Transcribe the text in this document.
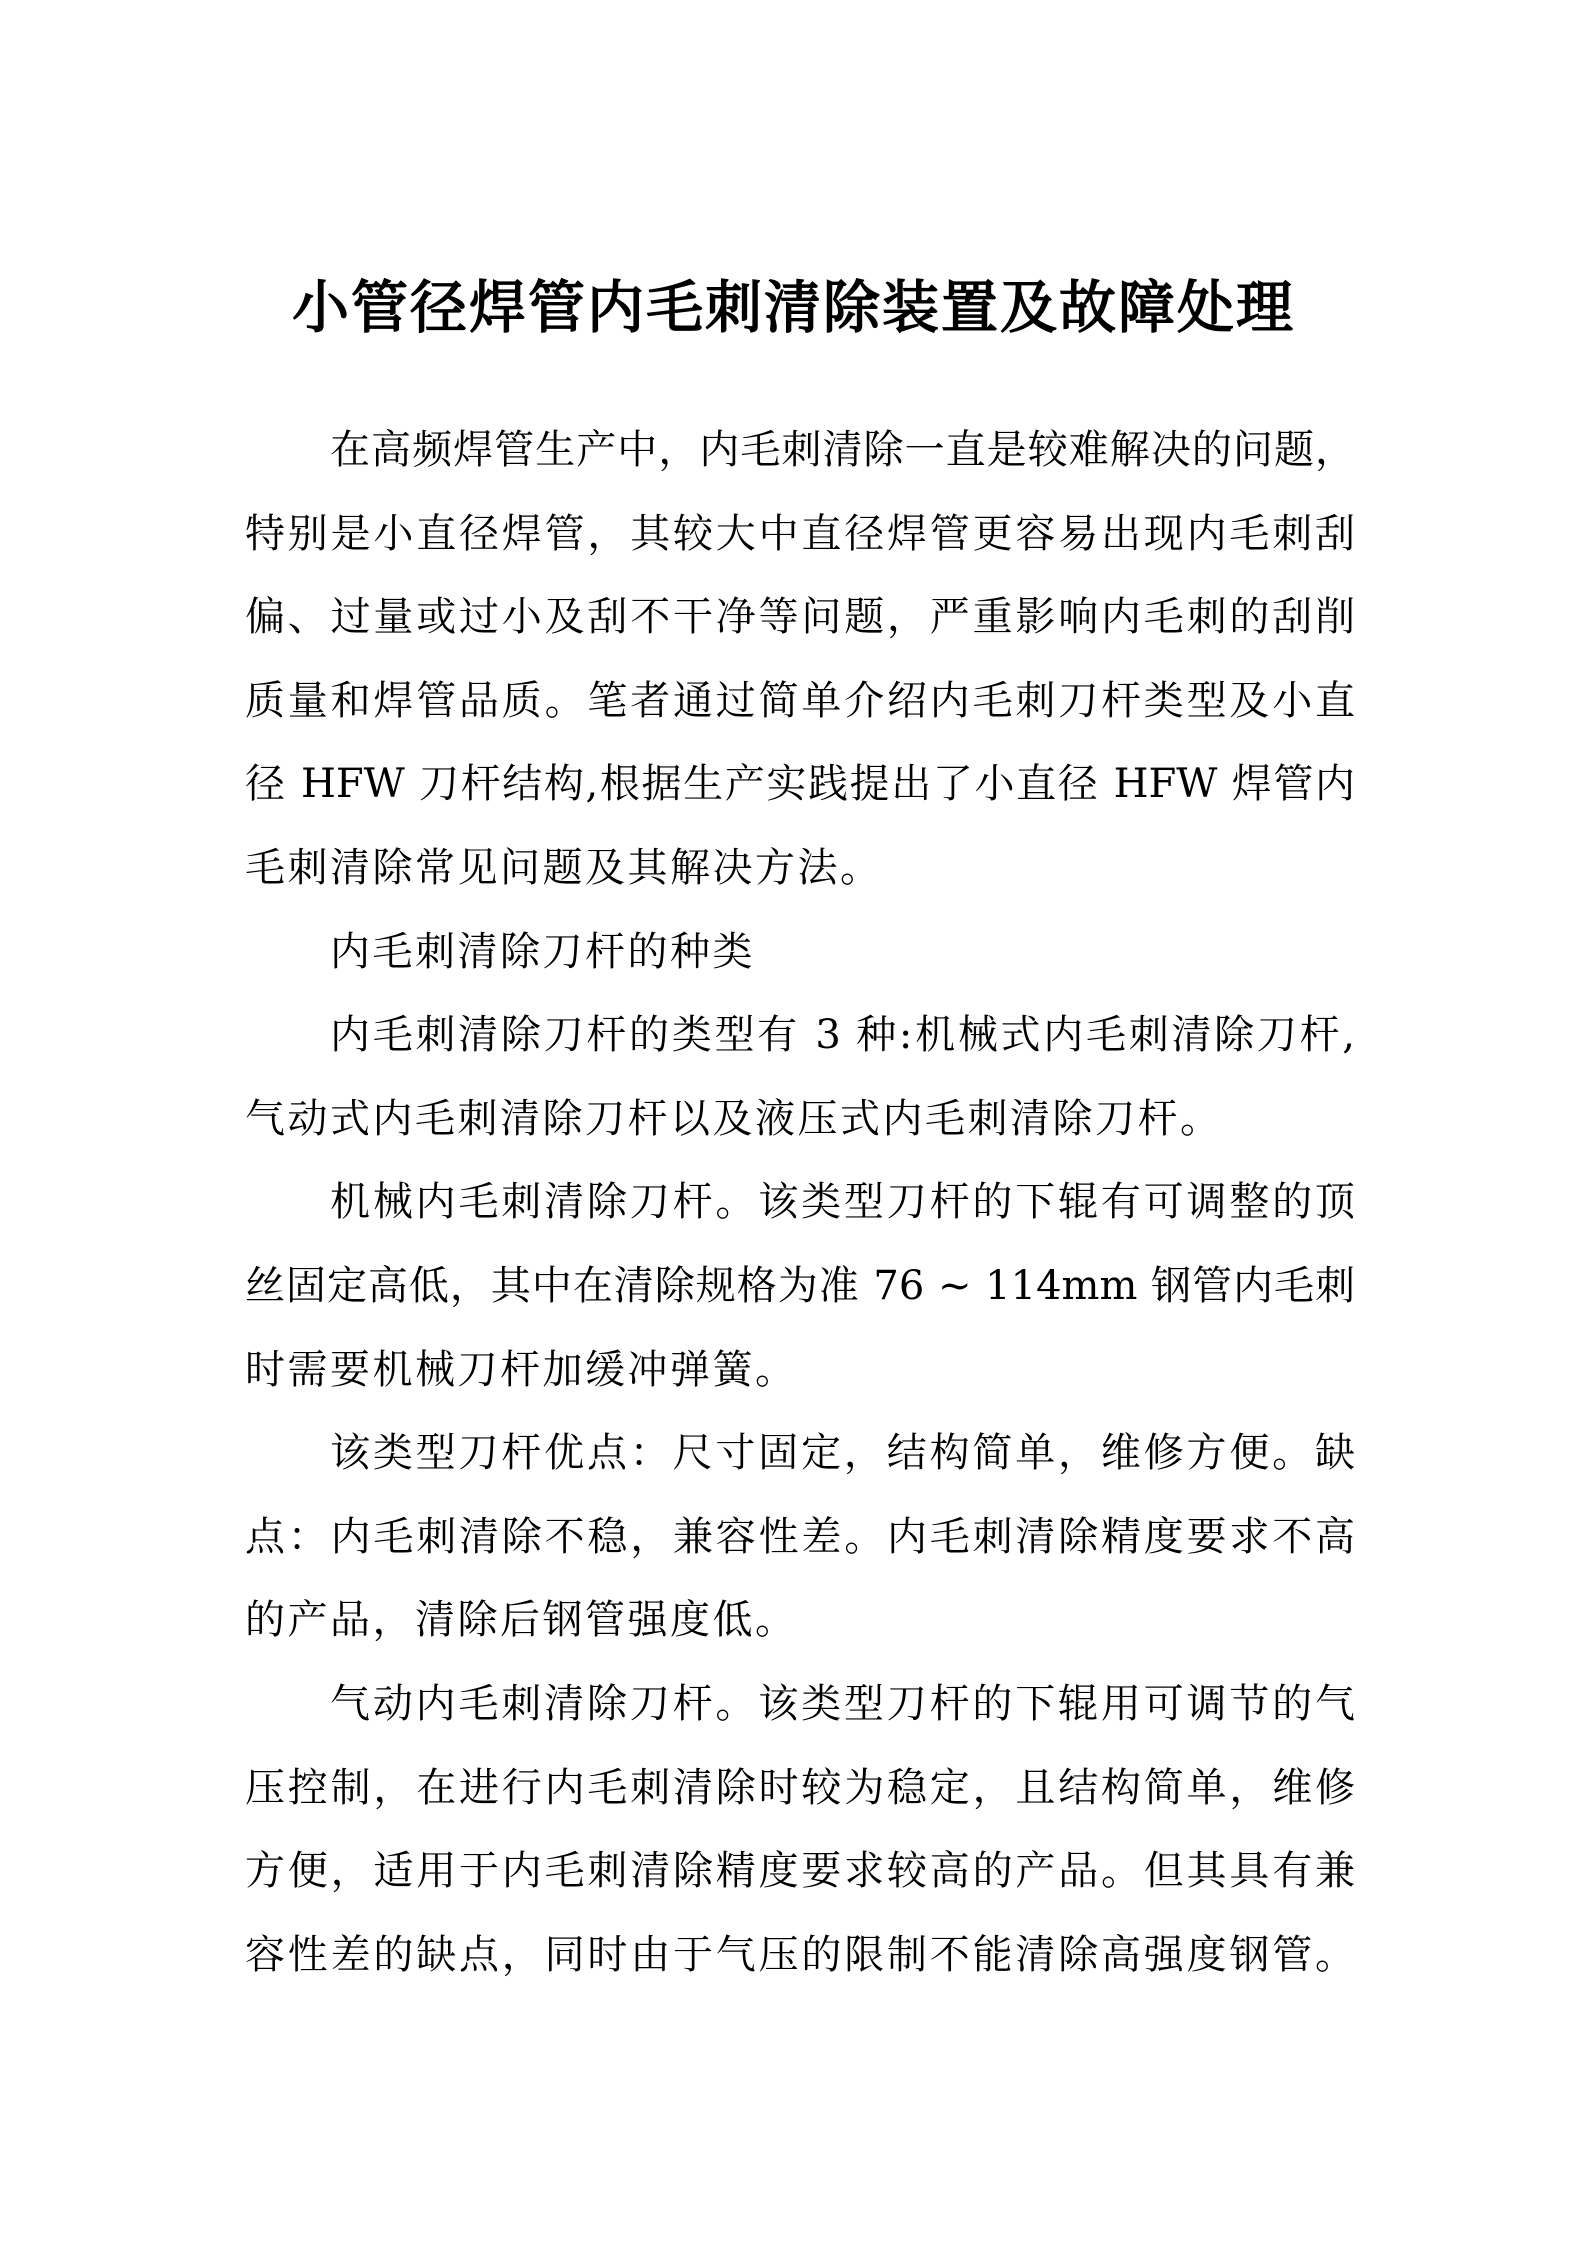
小管径焊管内毛刺清除装置及故障处理
在高频焊管生产中，内毛刺清除一直是较难解决的问题，
特别是小直径焊管，其较大中直径焊管更容易出现内毛刺刮
偏、过量或过小及刮不干净等问题，严重影响内毛刺的刮削
质量和焊管品质。笔者通过简单介绍内毛刺刀杆类型及小直
径 HFW 刀杆结构,根据生产实践提出了小直径 HFW 焊管内
毛刺清除常见问题及其解决方法。
内毛刺清除刀杆的种类
内毛刺清除刀杆的类型有 3 种:机械式内毛刺清除刀杆,
气动式内毛刺清除刀杆以及液压式内毛刺清除刀杆。
机械内毛刺清除刀杆。该类型刀杆的下辊有可调整的顶
丝固定高低，其中在清除规格为准 76 ~ 114mm 钢管内毛刺
时需要机械刀杆加缓冲弹簧。
该类型刀杆优点：尺寸固定，结构简单，维修方便。缺
点：内毛刺清除不稳，兼容性差。内毛刺清除精度要求不高
的产品，清除后钢管强度低。
气动内毛刺清除刀杆。该类型刀杆的下辊用可调节的气
压控制，在进行内毛刺清除时较为稳定，且结构简单，维修
方便，适用于内毛刺清除精度要求较高的产品。但其具有兼
容性差的缺点，同时由于气压的限制不能清除高强度钢管。
